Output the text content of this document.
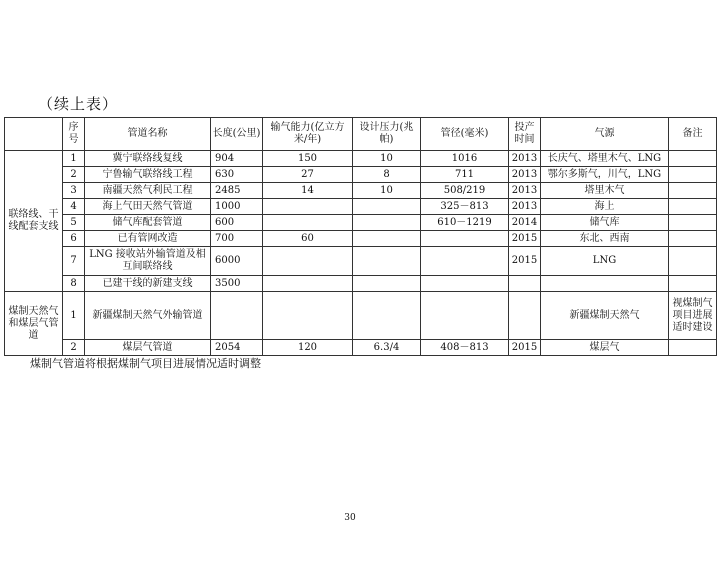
（续上表）
	序号	管道名称	长度(公里)	输气能力(亿立方米/年)	设计压力(兆帕)	管径(毫米)	投产时间	气源	备注
联络线、干线配套支线	1	冀宁联络线复线	904	150	10	1016	2013	长庆气、塔里木气、LNG	
	2	宁鲁输气联络线工程	630	27	8	711	2013	鄂尔多斯气，川气，LNG	
	3	南疆天然气利民工程	2485	14	10	508/219	2013	塔里木气	
	4	海上气田天然气管道	1000			325－813	2013	海上	
	5	储气库配套管道	600			610－1219	2014	储气库	
	6	已有管网改造	700	60			2015	东北、西南	
	7	LNG 接收站外输管道及相互间联络线	6000				2015	LNG	
	8	已建干线的新建支线	3500						
煤制天然气和煤层气管道	1	新疆煤制天然气外输管道						新疆煤制天然气	视煤制气项目进展适时建设
	2	煤层气管道	2054	120	6.3/4	408－813	2015	煤层气	
煤制气管道将根据煤制气项目进展情况适时调整
30
